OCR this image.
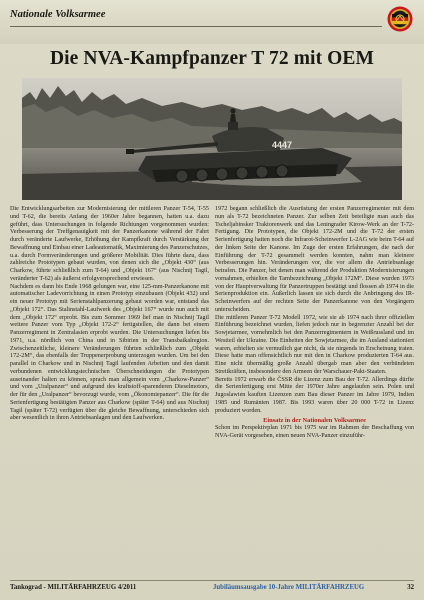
Nationale Volksarmee
Die NVA-Kampfpanzer T 72 mit OEM
4447

Die Entwicklungsarbeiten zur Modernisierung der mittleren Panzer T-54, T-55 und T-62, die bereits Anfang der 1960er Jahre begannen, hatten u.a. dazu geführt, dass Untersuchungen in folgende Richtungen vorgenommen wurden: Verbesserung der Treffgenauigkeit mit der Panzerkanone während der Fahrt durch veränderte Laufwerke, Erhöhung der Kampfkraft durch Verstärkung der Bewaffnung und Einbau einer Ladeautomatik, Maximierung des Panzerschutzes, u.a. durch Formveränderungen und größerer Mobilität. Dies führte dazu, dass zahlreiche Prototypen gebaut wurden, von denen sich die „Objekt 430“ (aus Charkow, führte schließlich zum T-64) und „Objekt 167“ (aus Nischnij Tagil, veränderter T-62) als äußerst erfolgversprechend erwiesen.

Nachdem es dann bis Ende 1968 gelungen war, eine 125-mm-Panzerkanone mit automatischer Ladevorrichtung in einen Prototyp einzubauen (Objekt 432) und ein neuer Prototyp mit Serienstahlpanzerung gebaut worden war, entstand das „Objekt 172“. Das Stalinstahl-Laufwerk des „Objekt 167“ wurde nun auch mit dem „Objekt 172“ erprobt. Bis zum Sommer 1969 lief man in Nischnij Tagil weitere Panzer vom Typ „Objekt 172-2“ fertigstellen, die dann bei einem Panzerregiment in Zentralasien erprobt wurden. Die Untersuchungen liefen bis 1971, u.a. nördlich von China und in Sibirien in der Transbaikalregion. Zwischenzeitliche, kleinere Veränderungen führten schließlich zum „Objekt 172-2M“, das ebenfalls der Truppenerprobung unterzogen wurden. Um bei den parallel in Charkow und in Nischnij Tagil laufenden Arbeiten und den damit verbundenen entwicklungstechnischen Überschneidungen die Prototypen auseinander halten zu können, sprach man allgemein vom „Charkow-Panzer“ und vom „Uralpanzer“ und aufgrund des kraftstoff-sparenderen Dieselmotors, der für den „Uralpanzer“ bevorzugt wurde, vom „Ökonomiepanzer“. Die für die Serienfertigung bestätigten Panzer aus Charkow (später T-64) und aus Nischnij Tagil (später T-72) verfügten über die gleiche Bewaffnung, unterschieden sich aber wesentlich in ihren Antriebsanlagen und den Laufwerken.

1972 begann schließlich die Ausrüstung der ersten Panzerregimenter mit dem nun als T-72 bezeichneten Panzer. Zur selben Zeit beteiligte man auch das Tscheljabinsker Traktorenwerk und das Leningrader Kirow-Werk an der T-72-Fertigung. Die Prototypen, die Objekt 172-2M und die T-72 der ersten Serienfertigung hatten noch die Infrarot-Scheinwerfer L-2AG wie beim T-64 auf der linken Seite der Kanone. Im Zuge der ersten Erfahrungen, die nach der Einführung der T-72 gesammelt werden konnten, nahm man kleinere Verbesserungen hin. Veränderungen vor, die vor allem die Antriebsanlage betrafen. Die Panzer, bei denen man während der Produktion Modernisierungen vornahmen, erhielten die Tarnbezeichnung „Objekt 172M“. Diese wurden 1973 von der Hauptverwaltung für Panzertruppen bestätigt und flossen ab 1974 in die Serienproduktion ein. Äußerlich lassen sie sich durch die Anbringung des IR-Scheinwerfers auf der rechten Seite der Panzerkanone von den Vorgängern unterscheiden.

Die mittleren Panzer T-72 Modell 1972, wie sie ab 1974 nach ihrer offiziellen Einführung bezeichnet wurden, liefen jedoch nur in begrenzter Anzahl bei der Sowjetarmee, vornehmlich bei den Panzerregimentern in Weißrussland und im Westteil der Ukraine. Die Einheiten der Sowjetarmee, die im Ausland stationiert waren, erhielten sie vermutlich gar nicht, da sie nirgends in Erscheinung traten. Diese hatte man offensichtlich nur mit den in Charkow produzierten T-64 aus. Eine nicht übermäßig große Anzahl übergab man aber den verbündeten Streitkräften, insbesondere den Armeen der Warschauer-Pakt-Staaten.

Bereits 1972 erwarb die ČSSR die Lizenz zum Bau der T-72. Allerdings dürfte die Serienfertigung erst Mitte der 1970er Jahre angelaufen sein. Polen und Jugoslawien kauften Lizenzen zum Bau dieser Panzer im Jahre 1979, Indien 1985 und Rumänien 1987. Bis 1993 waren über 20 000 T-72 in Lizenz produziert worden.

Einsatz in der Nationalen Volksarmee

Schon im Perspektivplan 1971 bis 1975 war im Rahmen der Beschaffung von NVA-Gerät vorgesehen, einen neuen NVA-Panzer einzuführ-

Tankograd - MILITÄRFAHRZEUG 4/2011	Jubiläumsausgabe 10-Jahre MILITÄRFAHRZEUG	32
